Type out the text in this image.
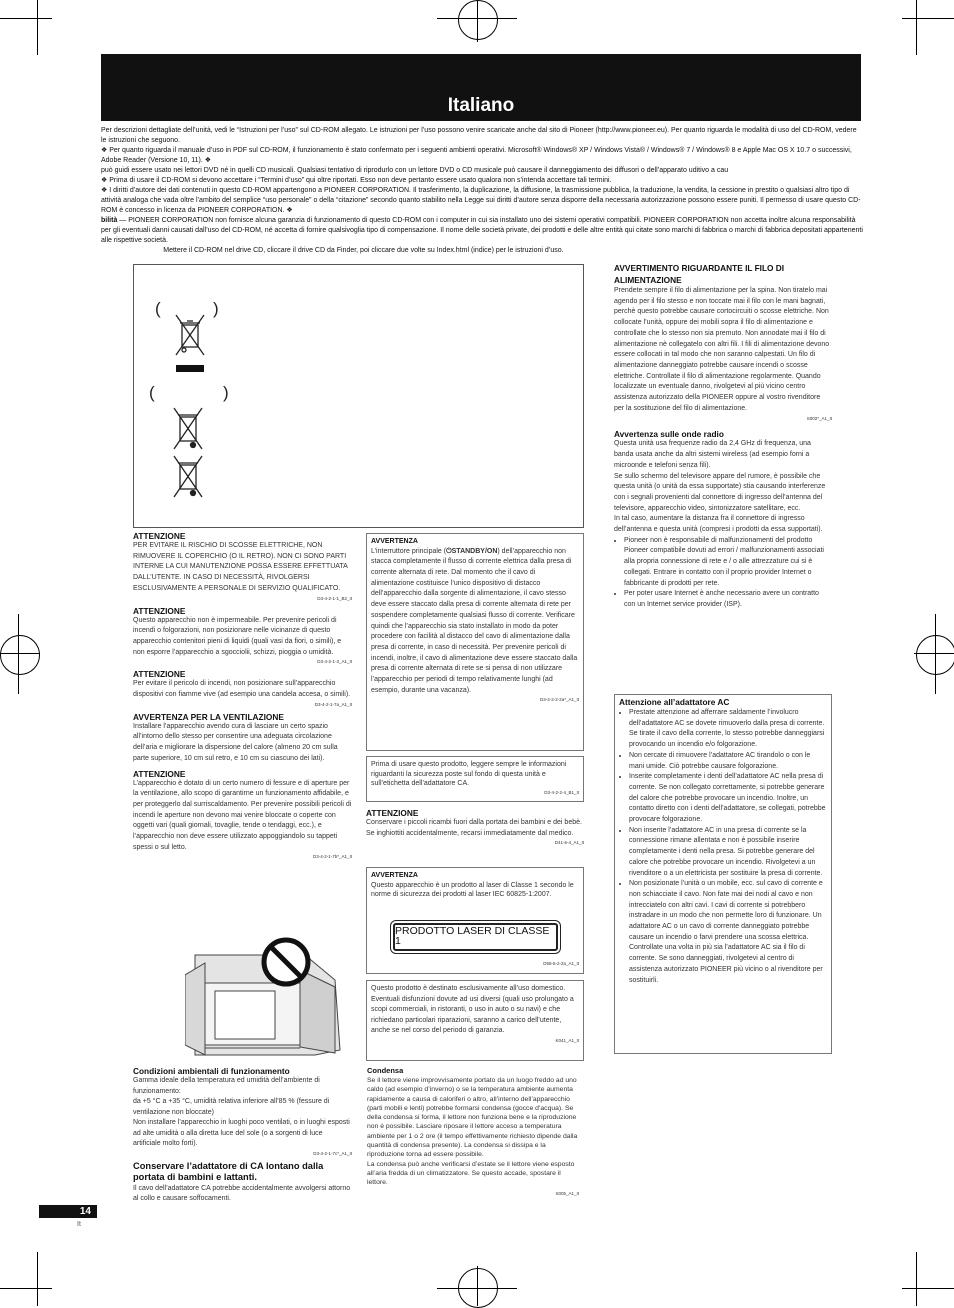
Italiano

Per descrizioni dettagliate dell’unità, vedi le “Istruzioni per l’uso” sul CD-ROM allegato. Le istruzioni per l’uso possono venire scaricate anche dal sito di Pioneer (http://www.pioneer.eu). Per quanto riguarda le modalità di uso del CD-ROM, vedere le istruzioni che seguono.

❖ Per quanto riguarda il manuale d’uso in PDF sul CD-ROM, il funzionamento è stato confermato per i seguenti ambienti operativi. Microsoft® Windows® XP / Windows Vista® / Windows® 7 / Windows® 8 e Apple Mac OS X 10.7 o successivi, Adobe Reader (Versione 10, 11). ❖

può guidi essere usato nei lettori DVD né in quelli CD musicali. Qualsiasi tentativo di riprodurlo con un lettore DVD o CD musicale può causare il danneggiamento dei diffusori o dell’apparato uditivo a cau

❖ Prima di usare il CD-ROM si devono accettare i “Termini d’uso” qui oltre riportati. Esso non deve pertanto essere usato qualora non s’intenda accettare tali termini.

❖ I diritti d’autore dei dati contenuti in questo CD-ROM appartengono a PIONEER CORPORATION. Il trasferimento, la duplicazione, la diffusione, la trasmissione pubblica, la traduzione, la vendita, la cessione in prestito o qualsiasi altro tipo di attività analoga che vada oltre l’ambito del semplice “uso personale” o della “citazione” secondo quanto stabilito nella Legge sui diritti d’autore senza disporre della necessaria autorizzazione possono essere puniti. Il permesso di usare questo CD-ROM è concesso in licenza da PIONEER CORPORATION. ❖

bilità — PIONEER CORPORATION non fornisce alcuna garanzia di funzionamento di questo CD-ROM con i computer in cui sia installato uno dei sistemi operativi compatibili. PIONEER CORPORATION non accetta inoltre alcuna responsabilità per gli eventuali danni causati dall’uso del CD-ROM, né accetta di fornire qualsivoglia tipo di compensazione. Il nome delle società private, dei prodotti e delle altre entità qui citate sono marchi di fabbrica o marchi di fabbrica depositati appartenenti alle rispettive società.

Mettere il CD-ROM nel drive CD, cliccare il drive CD da Finder, poi cliccare due volte su Index.html (indice) per le istruzioni d’uso.

(	)
(	)
ATTENZIONE

PER EVITARE IL RISCHIO DI SCOSSE ELETTRICHE, NON RIMUOVERE IL COPERCHIO (O IL RETRO). NON CI SONO PARTI INTERNE LA CUI MANUTENZIONE POSSA ESSERE EFFETTUATA DALL’UTENTE. IN CASO DI NECESSITÀ, RIVOLGERSI ESCLUSIVAMENTE A PERSONALE DI SERVIZIO QUALIFICATO.

D3-4-2-1-1_B2_It
ATTENZIONE

Questo apparecchio non è impermeabile. Per prevenire pericoli di incendi o folgorazioni, non posizionare nelle vicinanze di questo apparecchio contenitori pieni di liquidi (quali vasi da fiori, o simili), e non esporre l’apparecchio a sgocciolii, schizzi, pioggia o umidità.

D3-4-2-1-3_A1_It
ATTENZIONE

Per evitare il pericolo di incendi, non posizionare sull’apparecchio dispositivi con fiamme vive (ad esempio una candela accesa, o simili).

D3-4-2-1-7a_A1_It
AVVERTENZA PER LA VENTILAZIONE

Installare l’apparecchio avendo cura di lasciare un certo spazio all’intorno dello stesso per consentire una adeguata circolazione dell’aria e migliorare la dispersione del calore (almeno 20 cm sulla parte superiore, 10 cm sul retro, e 10 cm su ciascuno dei lati).

ATTENZIONE

L’apparecchio è dotato di un certo numero di fessure e di aperture per la ventilazione, allo scopo di garantirne un funzionamento affidabile, e per proteggerlo dal surriscaldamento. Per prevenire possibili pericoli di incendi le aperture non devono mai venire bloccate o coperte con oggetti vari (quali giornali, tovaglie, tende o tendaggi, ecc.), e l’apparecchio non deve essere utilizzato appoggiandolo su tappeti spessi o sul letto.

D3-4-2-1-7b*_A1_It
Condizioni ambientali di funzionamento

Gamma ideale della temperatura ed umidità dell’ambiente di funzionamento:

da +5 °C a +35 °C, umidità relativa inferiore all’85 % (fessure di ventilazione non bloccate)

Non installare l’apparecchio in luoghi poco ventilati, o in luoghi esposti ad alte umidità o alla diretta luce del sole (o a sorgenti di luce artificiale molto forti).

D3-4-2-1-7c*_A1_It
Conservare l’adattatore di CA lontano dalla portata di bambini e lattanti.

Il cavo dell’adattatore CA potrebbe accidentalmente avvolgersi attorno al collo e causare soffocamenti.

AVVERTENZA

L’interruttore principale (⏻STANDBY/ON) dell’apparecchio non stacca completamente il flusso di corrente elettrica dalla presa di corrente alternata di rete. Dal momento che il cavo di alimentazione costituisce l’unico dispositivo di distacco dell’apparecchio dalla sorgente di alimentazione, il cavo stesso deve essere staccato dalla presa di corrente alternata di rete per sospendere completamente qualsiasi flusso di corrente. Verificare quindi che l’apparecchio sia stato installato in modo da poter procedere con facilità al distacco del cavo di alimentazione dalla presa di corrente, in caso di necessità. Per prevenire pericoli di incendi, inoltre, il cavo di alimentazione deve essere staccato dalla presa di corrente alternata di rete se si pensa di non utilizzare l’apparecchio per periodi di tempo relativamente lunghi (ad esempio, durante una vacanza).

D3-4-2-2-2a*_A1_It

Prima di usare questo prodotto, leggere sempre le informazioni riguardanti la sicurezza poste sul fondo di questa unità e sull’etichetta dell’adattatore CA.

D3-4-2-2-4_B1_It
ATTENZIONE

Conservare i piccoli ricambi fuori dalla portata dei bambini e dei bebè. Se inghiottiti accidentalmente, recarsi immediatamente dal medico.

D41-6-4_A1_It
AVVERTENZA

Questo apparecchio è un prodotto al laser di Classe 1 secondo le norme di sicurezza dei prodotti al laser IEC 60825-1:2007.

PRODOTTO LASER DI CLASSE 1
D58-5-2-2a_A1_It

Questo prodotto è destinato esclusivamente all’uso domestico. Eventuali disfunzioni dovute ad usi diversi (quali uso prolungato a scopi commerciali, in ristoranti, o uso in auto o su navi) e che richiedano particolari riparazioni, saranno a carico dell’utente, anche se nel corso del periodo di garanzia.

K041_A1_It
Condensa

Se il lettore viene improvvisamente portato da un luogo freddo ad uno caldo (ad esempio d’inverno) o se la temperatura ambiente aumenta rapidamente a causa di caloriferi o altro, all’interno dell’apparecchio (parti mobili e lenti) potrebbe formarsi condensa (gocce d’acqua). Se della condensa si forma, il lettore non funziona bene e la riproduzione non è possibile. Lasciare riposare il lettore acceso a temperatura ambiente per 1 o 2 ore (il tempo effettivamente richiesto dipende dalla quantità di condensa presente). La condensa si dissipa e la riproduzione torna ad essere possibile.

La condensa può anche verificarsi d’estate se il lettore viene esposto all’aria fredda di un climatizzatore. Se questo accade, spostare il lettore.

S005_A1_It
AVVERTIMENTO RIGUARDANTE IL FILO DI ALIMENTAZIONE

Prendete sempre il filo di alimentazione per la spina. Non tiratelo mai agendo per il filo stesso e non toccate mai il filo con le mani bagnati, perchè questo potrebbe causare cortocircuiti o scosse elettriche. Non collocate l’unità, oppure dei mobili sopra il filo di alimentazione e controllate che lo stesso non sia premuto. Non annodate mai il filo di alimentazione nè collegatelo con altri fili. I fili di alimentazione devono essere collocati in tal modo che non saranno calpestati. Un filo di alimentazione danneggiato potrebbe causare incendi o scosse elettriche. Controllate il filo di alimentazione regolarmente. Quando localizzate un eventuale danno, rivolgetevi al più vicino centro assistenza autorizzato della PIONEER oppure al vostro rivenditore per la sostituzione del filo di alimentazione.

S002*_A1_It
Avvertenza sulle onde radio

Questa unità usa frequenze radio da 2,4 GHz di frequenza, una banda usata anche da altri sistemi wireless (ad esempio forni a microonde e telefoni senza fili).

Se sullo schermo del televisore appare del rumore, è possibile che questa unità (o unità da essa supportate) stia causando interferenze con i segnali provenienti dal connettore di ingresso dell’antenna del televisore, apparecchio video, sintonizzatore satellitare, ecc.

In tal caso, aumentare la distanza fra il connettore di ingresso dell’antenna e questa unità (compresi i prodotti da essa supportati).

• Pioneer non è responsabile di malfunzionamenti del prodotto Pioneer compatibile dovuti ad errori / malfunzionamenti associati alla propria connessione di rete e / o alle attrezzature cui si è collegati. Entrare in contatto con il proprio provider Internet o fabbricante di prodotti per rete.
• Per poter usare Internet è anche necessario avere un contratto con un Internet service provider (ISP).
Attenzione all’adattatore AC
• Prestate attenzione ad afferrare saldamente l’involucro dell’adattatore AC se dovete rimuoverlo dalla presa di corrente. Se tirate il cavo della corrente, lo stesso potrebbe danneggiarsi provocando un incendio e/o folgorazione.
• Non cercate di rimuovere l’adattatore AC tirandolo o con le mani umide. Ciò potrebbe causare folgorazione.
• Inserite completamente i denti dell’adattatore AC nella presa di corrente. Se non collegato correttamente, si potrebbe generare del calore che potrebbe provocare un incendio. Inoltre, un contatto diretto con i denti dell’adattatore, se collegati, potrebbe provocare folgorazione.
• Non inserite l’adattatore AC in una presa di corrente se la connessione rimane allentata e non è possibile inserire completamente i denti nella presa. Si potrebbe generare del calore che potrebbe provocare un incendio. Rivolgetevi a un rivenditore o a un elettricista per sostituire la presa di corrente.
• Non posizionate l’unità o un mobile, ecc. sul cavo di corrente e non schiacciate il cavo. Non fate mai dei nodi al cavo e non intrecciatelo con altri cavi. I cavi di corrente si potrebbero instradare in un modo che non permette loro di funzionare. Un adattatore AC o un cavo di corrente danneggiato potrebbe causare un incendio o farvi prendere una scossa elettrica. Controllate una volta in più sia l’adattatore AC sia il filo di corrente. Se sono danneggiati, rivolgetevi al centro di assistenza autorizzato PIONEER più vicino o al rivenditore per sostituirli.
14
It
